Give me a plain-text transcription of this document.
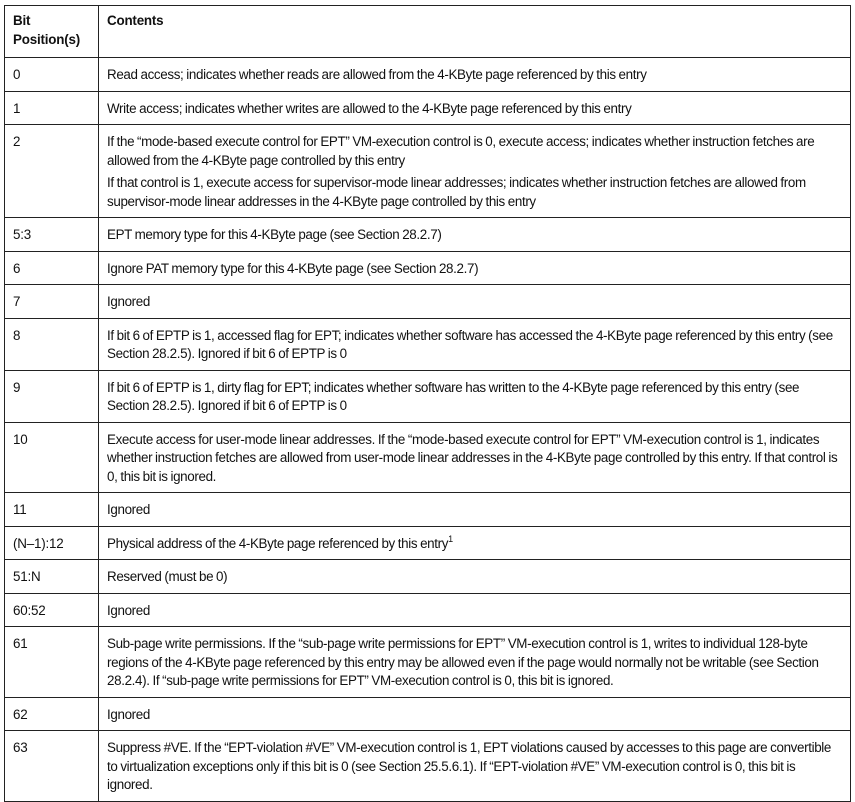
Bit
Position(s)	Contents

0	Read access; indicates whether reads are allowed from the 4-KByte page referenced by this entry

1	Write access; indicates whether writes are allowed to the 4-KByte page referenced by this entry

2	If the “mode-based execute control for EPT” VM-execution control is 0, execute access; indicates whether instruction fetches are allowed from the 4-KByte page controlled by this entry
If that control is 1, execute access for supervisor-mode linear addresses; indicates whether instruction fetches are allowed from supervisor-mode linear addresses in the 4-KByte page controlled by this entry

5:3	EPT memory type for this 4-KByte page (see Section 28.2.7)

6	Ignore PAT memory type for this 4-KByte page (see Section 28.2.7)

7	Ignored

8	If bit 6 of EPTP is 1, accessed flag for EPT; indicates whether software has accessed the 4-KByte page referenced by this entry (see Section 28.2.5). Ignored if bit 6 of EPTP is 0

9	If bit 6 of EPTP is 1, dirty flag for EPT; indicates whether software has written to the 4-KByte page referenced by this entry (see Section 28.2.5). Ignored if bit 6 of EPTP is 0

10	Execute access for user-mode linear addresses. If the “mode-based execute control for EPT” VM-execution control is 1, indicates whether instruction fetches are allowed from user-mode linear addresses in the 4-KByte page controlled by this entry. If that control is 0, this bit is ignored.

11	Ignored

(N–1):12	Physical address of the 4-KByte page referenced by this entry$^1$

51:N	Reserved (must be 0)

60:52	Ignored

61	Sub-page write permissions. If the “sub-page write permissions for EPT” VM-execution control is 1, writes to individual 128-byte regions of the 4-KByte page referenced by this entry may be allowed even if the page would normally not be writable (see Section 28.2.4). If “sub-page write permissions for EPT” VM-execution control is 0, this bit is ignored.

62	Ignored

63	Suppress #VE. If the “EPT-violation #VE” VM-execution control is 1, EPT violations caused by accesses to this page are convertible to virtualization exceptions only if this bit is 0 (see Section 25.5.6.1). If “EPT-violation #VE” VM-execution control is 0, this bit is ignored.
